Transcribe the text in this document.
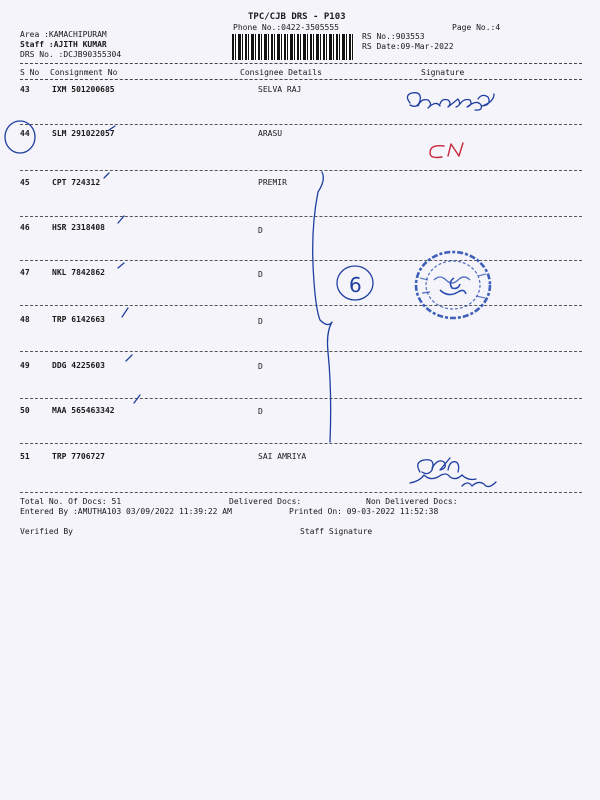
TPC/CJB DRS - P103
Phone No.:0422-3505555	Page No.:4
Area :KAMACHIPURAM
Staff :AJITH KUMAR
DRS No. :DCJB90355304
RS No.:903553
RS Date:09-Mar-2022
S No Consignment No	Consignee Details	Signature
43	IXM 501200685	SELVA RAJ
44	SLM 291022057	ARASU
45	CPT 724312	PREMIR
46	HSR 2318408	D
47	NKL 7842862	D
48	TRP 6142663	D
49	DDG 4225603	D
50	MAA 565463342	D
51	TRP 7706727	SAI AMRIYA
Total No. Of Docs: 51	Delivered Docs:	Non Delivered Docs:
Entered By :AMUTHA103 03/09/2022 11:39:22 AM	Printed On: 09-03-2022 11:52:38
Verified By	Staff Signature
6
